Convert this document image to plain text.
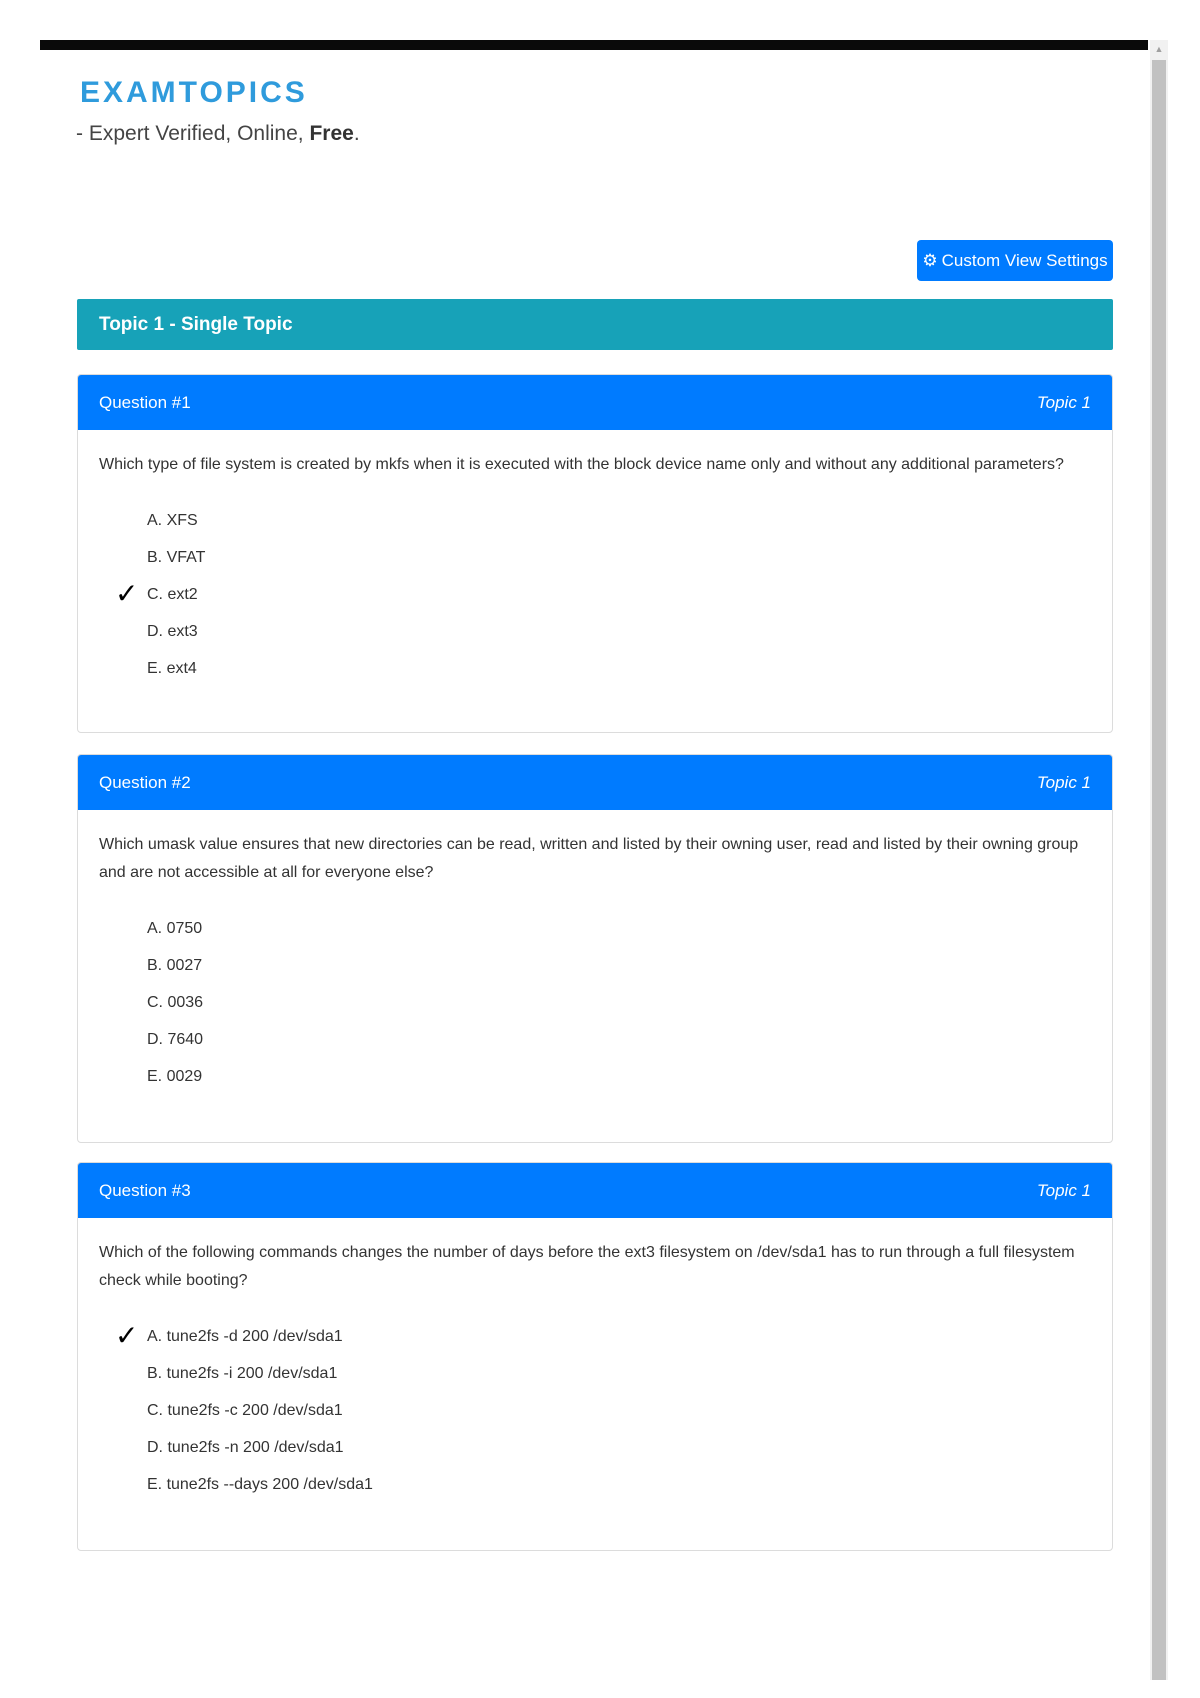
▲
EXAMTOPICS
- Expert Verified, Online, Free.
⚙ Custom View Settings
Topic 1 - Single Topic
Question #1	Topic 1

Which type of file system is created by mkfs when it is executed with the block device name only and without any additional parameters?

A. XFS
B. VFAT
✓ C. ext2
D. ext3
E. ext4
Question #2	Topic 1

Which umask value ensures that new directories can be read, written and listed by their owning user, read and listed by their owning group and are not accessible at all for everyone else?

A. 0750
B. 0027
C. 0036
D. 7640
E. 0029
Question #3	Topic 1

Which of the following commands changes the number of days before the ext3 filesystem on /dev/sda1 has to run through a full filesystem check while booting?

✓ A. tune2fs -d 200 /dev/sda1
B. tune2fs -i 200 /dev/sda1
C. tune2fs -c 200 /dev/sda1
D. tune2fs -n 200 /dev/sda1
E. tune2fs --days 200 /dev/sda1
